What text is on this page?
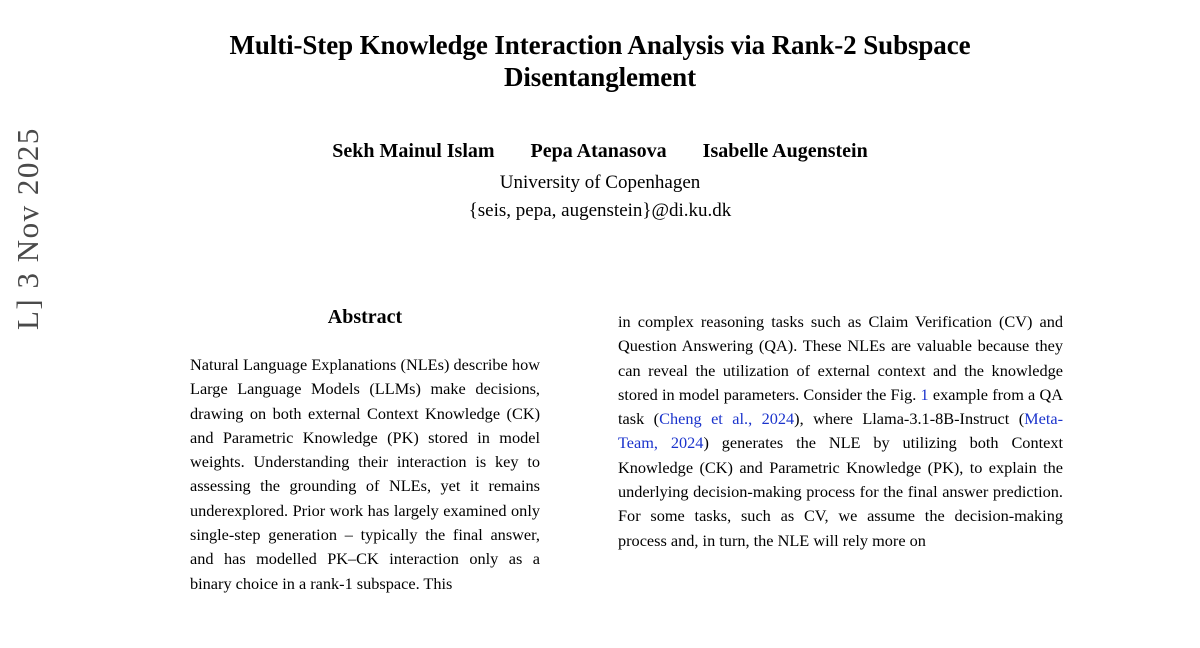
L] 3 Nov 2025
Multi-Step Knowledge Interaction Analysis via Rank-2 Subspace Disentanglement
Sekh Mainul Islam Pepa Atanasova Isabelle Augenstein
University of Copenhagen
{seis, pepa, augenstein}@di.ku.dk
Abstract

Natural Language Explanations (NLEs) describe how Large Language Models (LLMs) make decisions, drawing on both external Context Knowledge (CK) and Parametric Knowledge (PK) stored in model weights. Understanding their interaction is key to assessing the grounding of NLEs, yet it remains underexplored. Prior work has largely examined only single-step generation – typically the final answer, and has modelled PK–CK interaction only as a binary choice in a rank-1 subspace. This

in complex reasoning tasks such as Claim Verification (CV) and Question Answering (QA). These NLEs are valuable because they can reveal the utilization of external context and the knowledge stored in model parameters. Consider the Fig. 1 example from a QA task (Cheng et al., 2024), where Llama-3.1-8B-Instruct (Meta-Team, 2024) generates the NLE by utilizing both Context Knowledge (CK) and Parametric Knowledge (PK), to explain the underlying decision-making process for the final answer prediction. For some tasks, such as CV, we assume the decision-making process and, in turn, the NLE will rely more on
